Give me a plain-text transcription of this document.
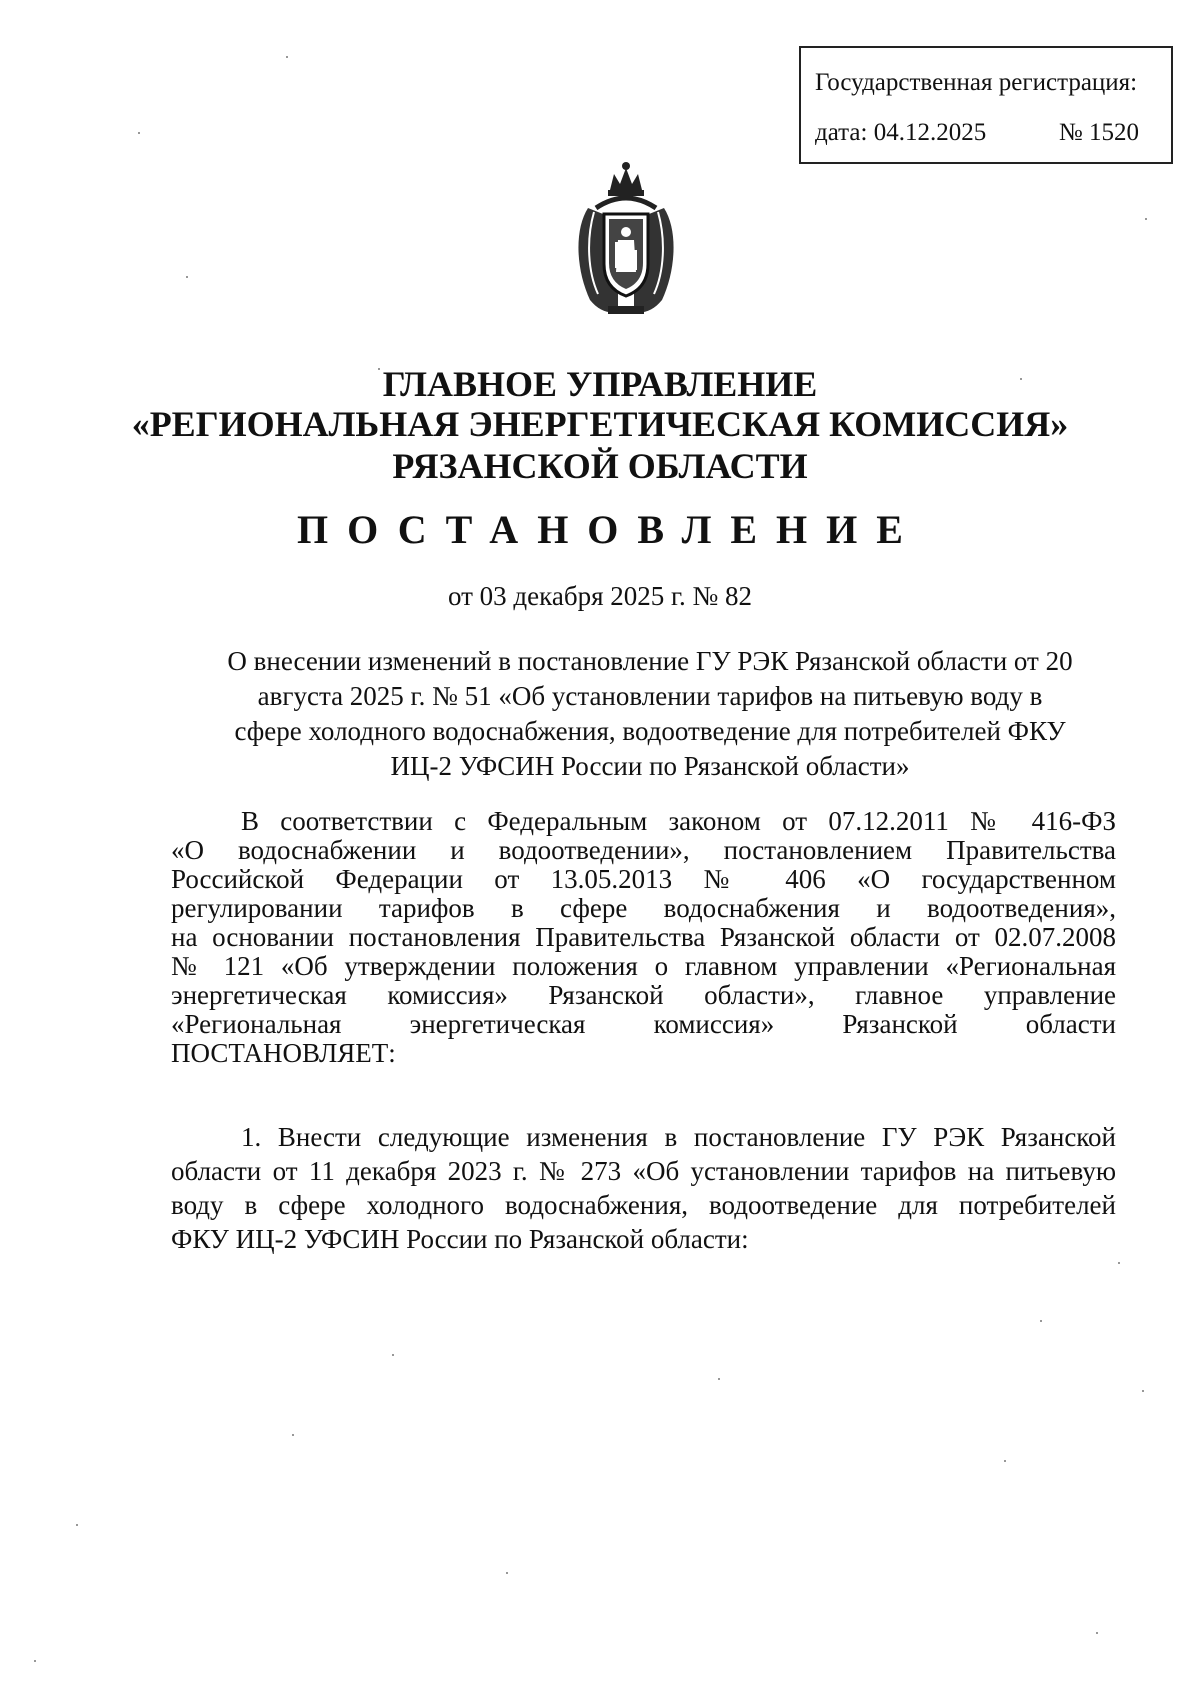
Государственная регистрация:
дата: 04.12.2025	№ 1520
ГЛАВНОЕ УПРАВЛЕНИЕ
«РЕГИОНАЛЬНАЯ ЭНЕРГЕТИЧЕСКАЯ КОМИССИЯ»
РЯЗАНСКОЙ ОБЛАСТИ
ПОСТАНОВЛЕНИЕ
от 03 декабря 2025 г. № 82
О внесении изменений в постановление ГУ РЭК Рязанской области от 20
августа 2025 г. № 51 «Об установлении тарифов на питьевую воду в
сфере холодного водоснабжения, водоотведение для потребителей ФКУ
ИЦ-2 УФСИН России по Рязанской области»
В соответствии с Федеральным законом от 07.12.2011 № 416-ФЗ
«О водоснабжении и водоотведении», постановлением Правительства
Российской Федерации от 13.05.2013 № 406 «О государственном
регулировании тарифов в сфере водоснабжения и водоотведения»,
на основании постановления Правительства Рязанской области от 02.07.2008
№ 121 «Об утверждении положения о главном управлении «Региональная
энергетическая комиссия» Рязанской области», главное управление
«Региональная энергетическая комиссия» Рязанской области
ПОСТАНОВЛЯЕТ:
1. Внести следующие изменения в постановление ГУ РЭК Рязанской
области от 11 декабря 2023 г. № 273 «Об установлении тарифов на питьевую
воду в сфере холодного водоснабжения, водоотведение для потребителей
ФКУ ИЦ-2 УФСИН России по Рязанской области:
